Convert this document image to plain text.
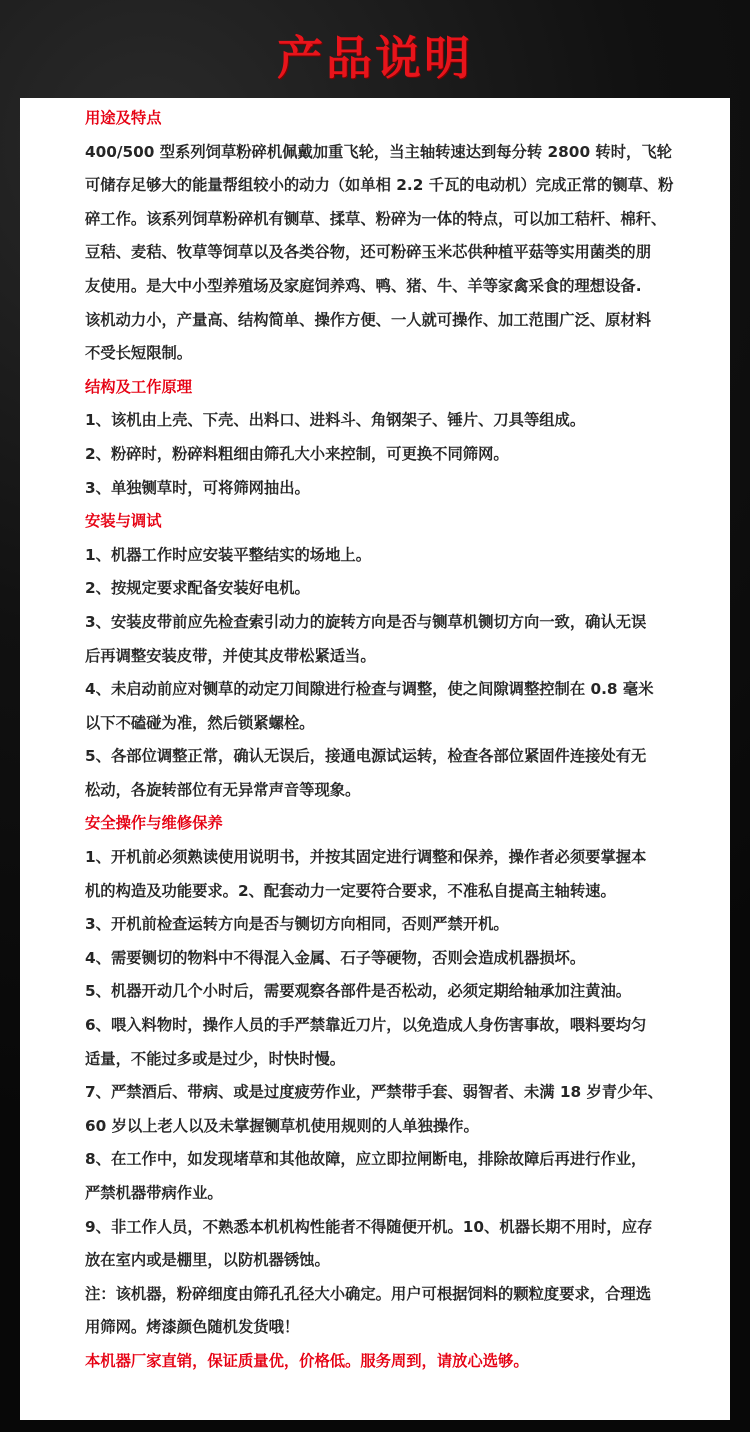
产品说明

用途及特点

400/500 型系列饲草粉碎机佩戴加重飞轮，当主轴转速达到每分转 2800 转时，飞轮

可储存足够大的能量帮组较小的动力（如单相 2.2 千瓦的电动机）完成正常的铡草、粉

碎工作。该系列饲草粉碎机有铡草、揉草、粉碎为一体的特点，可以加工秸杆、棉秆、

豆秸、麦秸、牧草等饲草以及各类谷物，还可粉碎玉米芯供种植平菇等实用菌类的朋

友使用。是大中小型养殖场及家庭饲养鸡、鸭、猪、牛、羊等家禽采食的理想设备.

该机动力小，产量高、结构简单、操作方便、一人就可操作、加工范围广泛、原材料

不受长短限制。

结构及工作原理

1、该机由上壳、下壳、出料口、进料斗、角钢架子、锤片、刀具等组成。

2、粉碎时，粉碎料粗细由筛孔大小来控制，可更换不同筛网。

3、单独铡草时，可将筛网抽出。

安装与调试

1、机器工作时应安装平整结实的场地上。

2、按规定要求配备安装好电机。

3、安装皮带前应先检查索引动力的旋转方向是否与铡草机铡切方向一致，确认无误

后再调整安装皮带，并使其皮带松紧适当。

4、未启动前应对铡草的动定刀间隙进行检查与调整，使之间隙调整控制在 0.8 毫米

以下不磕碰为准，然后锁紧螺栓。

5、各部位调整正常，确认无误后，接通电源试运转，检查各部位紧固件连接处有无

松动，各旋转部位有无异常声音等现象。

安全操作与维修保养

1、开机前必须熟读使用说明书，并按其固定进行调整和保养，操作者必须要掌握本

机的构造及功能要求。2、配套动力一定要符合要求，不准私自提高主轴转速。

3、开机前检查运转方向是否与铡切方向相同，否则严禁开机。

4、需要铡切的物料中不得混入金属、石子等硬物，否则会造成机器损坏。

5、机器开动几个小时后，需要观察各部件是否松动，必须定期给轴承加注黄油。

6、喂入料物时，操作人员的手严禁靠近刀片，以免造成人身伤害事故，喂料要均匀

适量，不能过多或是过少，时快时慢。

7、严禁酒后、带病、或是过度疲劳作业，严禁带手套、弱智者、未满 18 岁青少年、

60 岁以上老人以及未掌握铡草机使用规则的人单独操作。

8、在工作中，如发现堵草和其他故障，应立即拉闸断电，排除故障后再进行作业，

严禁机器带病作业。

9、非工作人员，不熟悉本机机构性能者不得随便开机。10、机器长期不用时，应存

放在室内或是棚里，以防机器锈蚀。

注：该机器，粉碎细度由筛孔孔径大小确定。用户可根据饲料的颗粒度要求，合理选

用筛网。烤漆颜色随机发货哦！

本机器厂家直销，保证质量优，价格低。服务周到，请放心选够。
